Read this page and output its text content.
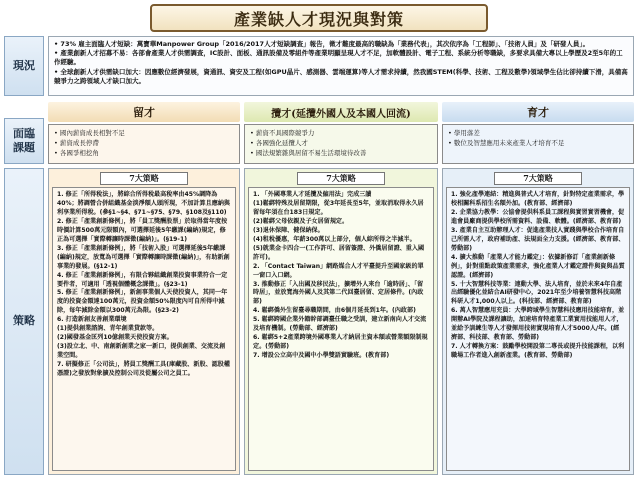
產業缺人才現況與對策
現況
• 73% 雇主面臨人才短缺：萬寶華Manpower Group「2016/2017人才短缺調查」報告，徵才難度最高的職缺為「業務代表」，其次依序為「工程師」、「技術人員」及「研發人員」。
• 產業創新人才招募不易：各部會產業人才供需調查，IC設計、面板、通訊設備及零組件等產業明顯呈現人才不足，加軟體設計、電子工程、系統分析等職缺，多要求具備大專以上學歷及2至5年的工作經驗。
• 全球創新人才供需缺口加大：因應數位經濟發展，資通訊、資安及工程(如GPU晶片、感測器、雲端運算)等人才需求持續，然我國STEM(科學、技術、工程及數學)領域學生佔比卻持續下滑，具備高競爭力之跨領域人才缺口加大。
留才	攬才(延攬外國人及本國人回流)	育才
面臨
課題
• 國內薪資成長相對不足
• 薪資成長停滯
• 各國爭相挖角
• 薪資不具國際競爭力
• 各國強化延攬人才
• 國法規繁雜與居留不易生活環境待改善
• 學用落差
• 數位及智慧應用未來產業人才培育不足
策略
7大策略	7大策略	7大策略
1. 修正「所得稅法」，將綜合所得稅最高稅率由45%調降為40%；將調營合併組織基金淡淨額人頭所現，不加計算且應納與利享業所得稅。(參§1~§4、§71~§75、§79、§108及§110)
2. 修正「產業創新條例」，將「員工獎酬股票」於取得當年度按時價計算500萬元限額內，可選擇延後5年繳課(編納)規定，修正為可選擇「實際轉讓時課徵(編納)」。(§19-1)
3. 修正「產業創新條例」，將「技術入股」可選擇延後5年繳課(編納)規定，放寬為可選擇「實際轉讓時課徵(編納)」，有助新創事業的發展。(§12-1)
4. 修正「產業創新條例」，有限合夥組織創業投資事業符合一定要件者，可適用「透視個體概念課徵」。(§23-1)
5. 修正「產業創新條例」，新創事業個人天使投資人，其同一年度的投資金額達100萬元，投資金額50%限度內可自所得中減除，每年減除金額以300萬元為限。(§23-2)
6. 打造新創友善創業環境
(1)提供創業諮詢、青年創業貸款等。
(2)國發基金匡列10億創業天使投資方案。
(3)設立北、中、南創新創業之家一新口，提供創業、交流及創業空間。
7. 研擬修正「公司法」，將員工獎酬工具(庫藏股、新股、認股權憑證)之發放對象擴及控制公司及從屬公司之員工。
1. 「外國專業人才延攬及僱用法」完成三讀
(1)鬆綁特殊及居留期限，從3年延長至5年，並取消取得永久居留每年須在台183日規定。
(2)鬆綁父母依親及子女居留規定。
(3)退休保障、健保納保。
(4)租稅優惠，年薪300萬以上部分，個人綜所得之半減半。
(5)就業金卡四合一(工作許可、居留簽證、外僑居留證、重入國許可)。
2. 「Contact Taiwan」網路媒合人才平臺提升至國家級的單一窗口入口網。
3. 推動修正「入出國及移民法」，擴增外人來台「逾時居」、「留時居」，並放寬海外國人及其第二代回臺居留、定居條件。(內政部)
4. 鬆綁僑外生留臺尋職期間，由6個月延長到1年。(內政部)
5. 鬆綁跨國企業外籍幹部調臺任職之受訓，建立新南向人才交流及培育機制。(勞動部、經濟部)
6. 鬆綁5+2產業跨境外國專業人才納居主資本額或營業額限制規定。(勞動部)
7. 增設公立高中及國中小學雙語實驗班。(教育部)
1. 強化產學連結：精進與普式人才培育，針對特定產業需求，學校相關科系招生名額外加。(教育部、經濟部)
2. 企業協力教學：公協會提供科系員工課程與實習實習機會，促進會員廠商提供學校所需資料、設備、軟體。(經濟部、教育部)
3. 產業自主互助辦理人才：促進產業技人實踐與學校合作培育自己所需人才，政府補助產、法規面全力支援。(經濟部、教育部、勞動部)
4. 擴大推動「產業人才能力鑑定」：依據新修訂「產業創新條例」，針對重點政策產業需求，強化產業人才鑑定證件與資與品質認證。(經濟部)
5. 十大智慧科技等業：連動大學、法人培育，並於未來4年自產出經驗優化並結合AI研發中心，2021年至少培養智慧科技高階科研人才1,000人以上。(科技部、經濟部、教育部)
6. 萬人智慧應用充員：大學跨域學生智慧科技應用技能培育，並開辦AI學院及課程讓助，加速培育特產業工業實用技能用人才，並給予訓練生等人才發揮用技術實現培育人才5000人/年。(經濟部、科技部、教育部、勞動部)
7. 人才轉換方案：鼓勵學校開設第二專長或提升技能課程，以利職場工作者進入創新產業。(教育部、勞動部)
